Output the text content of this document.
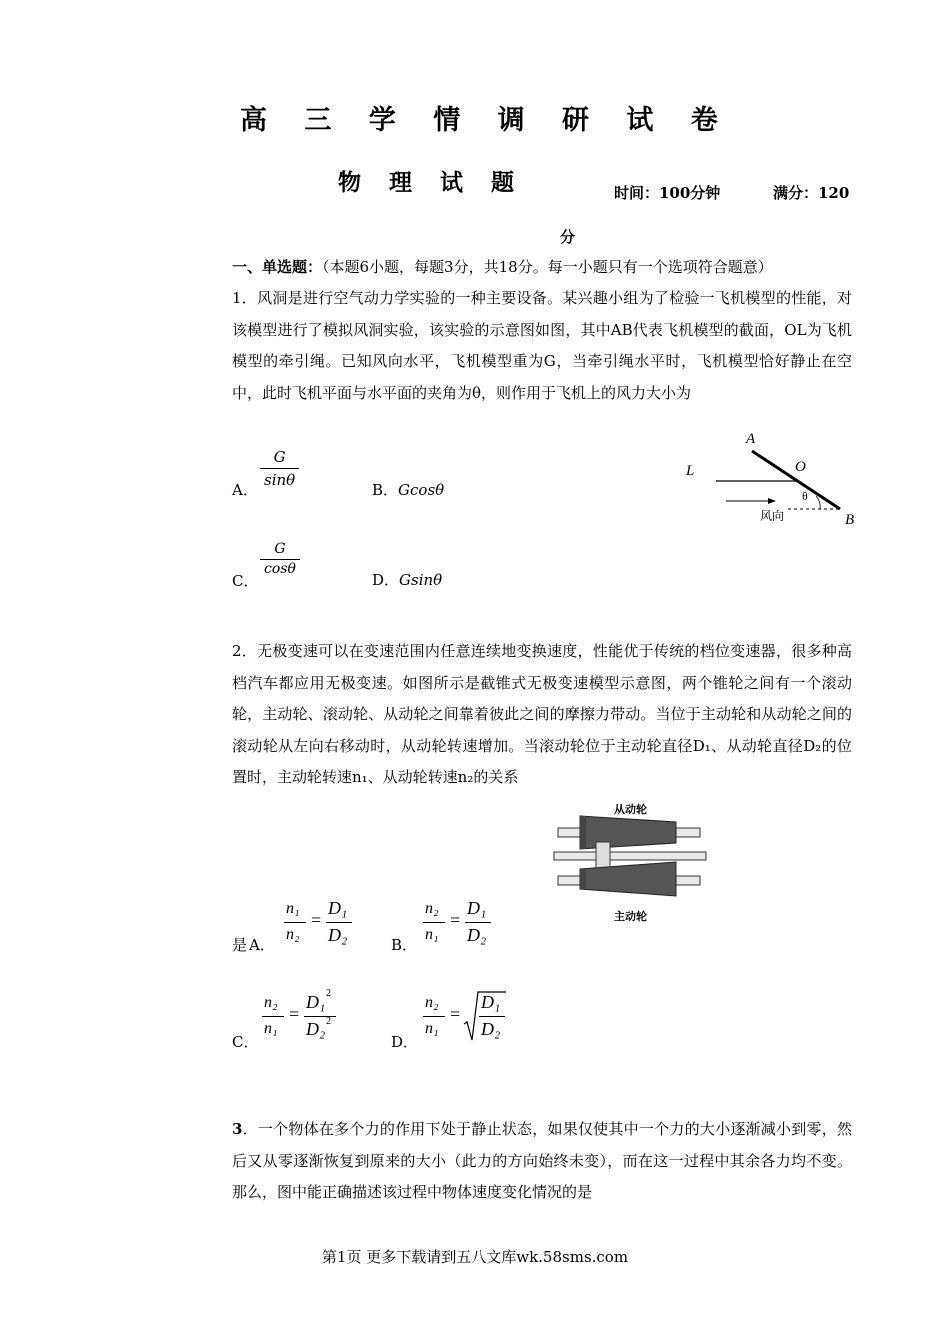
高 三 学 情 调 研 试 卷
物 理 试 题	时间：100分钟	满分：120
分
一、单选题：（本题6小题，每题3分，共18分。每一小题只有一个选项符合题意）
1．风洞是进行空气动力学实验的一种主要设备。某兴趣小组为了检验一飞机模型的性能，对该模型进行了模拟风洞实验，该实验的示意图如图，其中AB代表飞机模型的截面，OL为飞机模型的牵引绳。已知风向水平，飞机模型重为G，当牵引绳水平时，飞机模型恰好静止在空中，此时飞机平面与水平面的夹角为θ，则作用于飞机上的风力大小为
A． $\frac{G}{\sin\theta}$	B．Gcosθ
C．
$\frac{G}{\cos\theta}$
D．Gsinθ
A
O
L
B
θ
风向
2．无极变速可以在变速范围内任意连续地变换速度，性能优于传统的档位变速器，很多种高档汽车都应用无极变速。如图所示是截锥式无极变速模型示意图，两个锥轮之间有一个滚动轮，主动轮、滚动轮、从动轮之间靠着彼此之间的摩擦力带动。当位于主动轮和从动轮之间的滚动轮从左向右移动时，从动轮转速增加。当滚动轮位于主动轮直径D₁、从动轮直径D₂的位置时，主动轮转速n₁、从动轮转速n₂的关系
从动轮
主动轮
是 A．
n₁
n₂
=
D₁
D₂	B．
n₂
n₁
=
D₁
D₂
C．
n₂
n₁
=
D₁ 2
D₂ 2
D．
n₂
n₁
=
D₁
D₂
3．一个物体在多个力的作用下处于静止状态，如果仅使其中一个力的大小逐渐减小到零，然后又从零逐渐恢复到原来的大小（此力的方向始终未变），而在这一过程中其余各力均不变。那么，图中能正确描述该过程中物体速度变化情况的是
第1页 更多下载请到五八文库wk.58sms.com
